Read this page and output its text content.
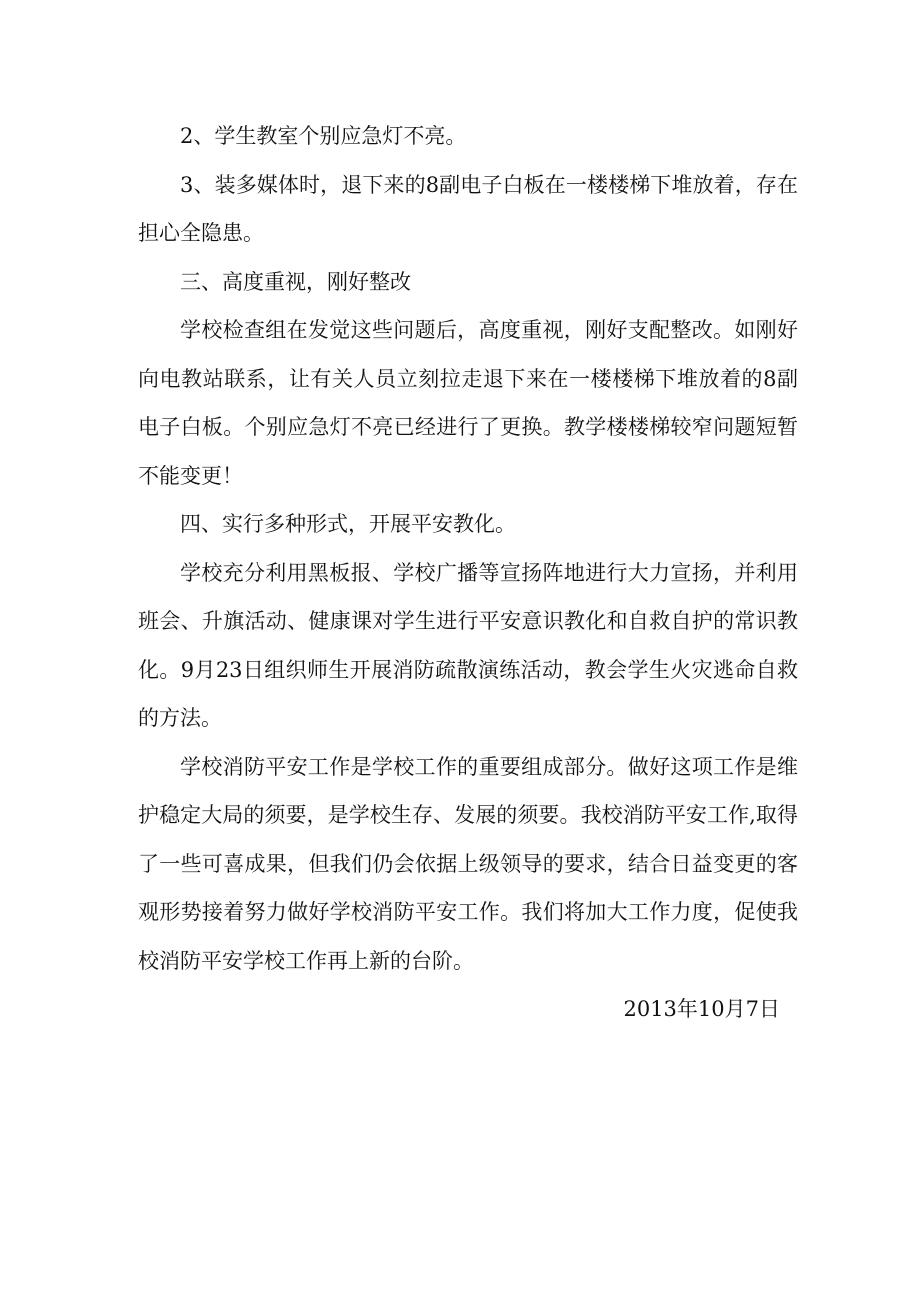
2、学生教室个别应急灯不亮。

3、装多媒体时，退下来的8副电子白板在一楼楼梯下堆放着，存在担心全隐患。

三、高度重视，刚好整改

学校检查组在发觉这些问题后，高度重视，刚好支配整改。如刚好向电教站联系，让有关人员立刻拉走退下来在一楼楼梯下堆放着的8副电子白板。个别应急灯不亮已经进行了更换。教学楼楼梯较窄问题短暂不能变更！

四、实行多种形式，开展平安教化。

学校充分利用黑板报、学校广播等宣扬阵地进行大力宣扬，并利用班会、升旗活动、健康课对学生进行平安意识教化和自救自护的常识教化。9月23日组织师生开展消防疏散演练活动，教会学生火灾逃命自救的方法。

学校消防平安工作是学校工作的重要组成部分。做好这项工作是维护稳定大局的须要，是学校生存、发展的须要。我校消防平安工作,取得了一些可喜成果，但我们仍会依据上级领导的要求，结合日益变更的客观形势接着努力做好学校消防平安工作。我们将加大工作力度，促使我校消防平安学校工作再上新的台阶。

2013年10月7日
